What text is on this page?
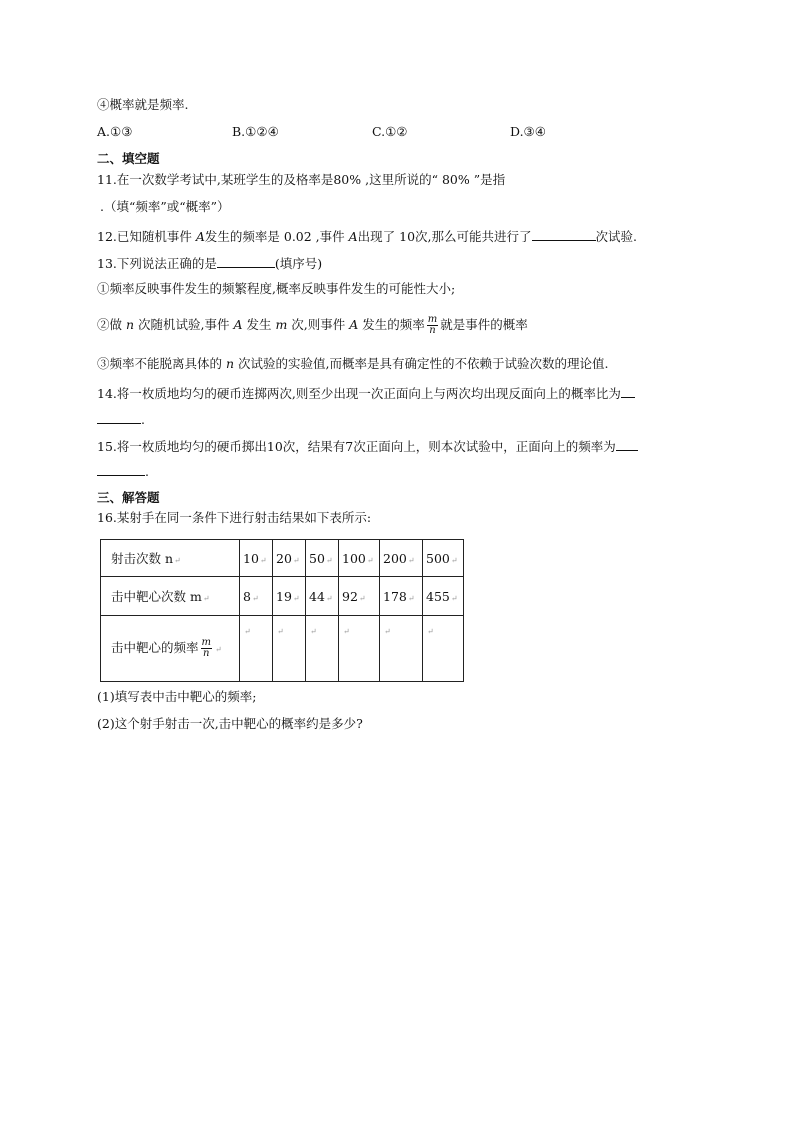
④概率就是频率.
A.①③	B.①②④	C.①②	D.③④
二、填空题
11.在一次数学考试中,某班学生的及格率是80% ,这里所说的“ 80% ”是指
.（填“频率”或“概率”）
12.已知随机事件 A发生的频率是 0.02 ,事件 A出现了 10次,那么可能共进行了	次试验.
13.下列说法正确的是	(填序号)
①频率反映事件发生的频繁程度,概率反映事件发生的可能性大小;
②做 n 次随机试验,事件 A 发生 m 次,则事件 A 发生的频率 $\frac{m}{n}$ 就是事件的概率
③频率不能脱离具体的 n 次试验的实验值,而概率是具有确定性的不依赖于试验次数的理论值.
14.将一枚质地均匀的硬币连掷两次,则至少出现一次正面向上与两次均出现反面向上的概率比为
.
15.将一枚质地均匀的硬币掷出10次，结果有7次正面向上，则本次试验中，正面向上的频率为
.
三、解答题
16.某射手在同一条件下进行射击结果如下表所示:
射击次数 n↵	10↵	20↵	50↵	100↵	200↵	500↵
击中靶心次数 m↵	8↵	19↵	44↵	92↵	178↵	455↵
击中靶心的频率 $\frac{m}{n}$ ↵	↵	↵	↵	↵	↵	↵
(1)填写表中击中靶心的频率;
(2)这个射手射击一次,击中靶心的概率约是多少?
